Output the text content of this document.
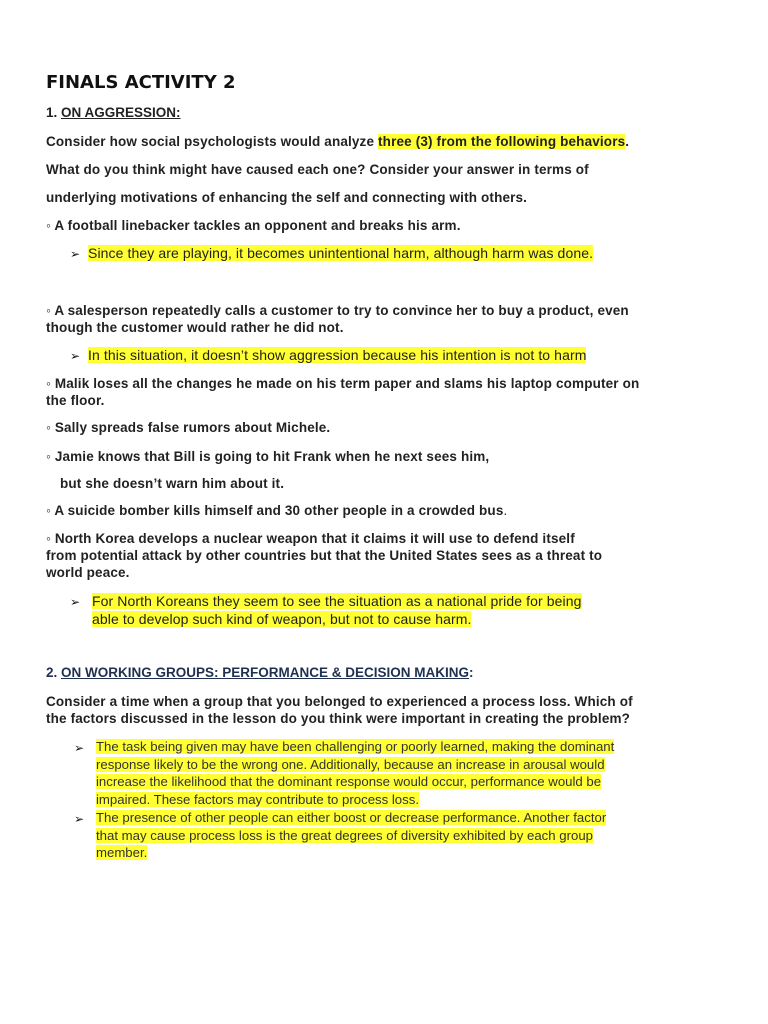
FINALS ACTIVITY 2
1. ON AGGRESSION:
Consider how social psychologists would analyze three (3) from the following behaviors.
What do you think might have caused each one? Consider your answer in terms of
underlying motivations of enhancing the self and connecting with others.
◦ A football linebacker tackles an opponent and breaks his arm.
➢ Since they are playing, it becomes unintentional harm, although harm was done.
◦ A salesperson repeatedly calls a customer to try to convince her to buy a product, even
though the customer would rather he did not.
➢ In this situation, it doesn’t show aggression because his intention is not to harm
◦ Malik loses all the changes he made on his term paper and slams his laptop computer on
the floor.
◦ Sally spreads false rumors about Michele.
◦ Jamie knows that Bill is going to hit Frank when he next sees him,
but she doesn’t warn him about it.
◦ A suicide bomber kills himself and 30 other people in a crowded bus.
◦ North Korea develops a nuclear weapon that it claims it will use to defend itself
from potential attack by other countries but that the United States sees as a threat to
world peace.
➢ For North Koreans they seem to see the situation as a national pride for being
able to develop such kind of weapon, but not to cause harm.
2. ON WORKING GROUPS: PERFORMANCE & DECISION MAKING:
Consider a time when a group that you belonged to experienced a process loss. Which of
the factors discussed in the lesson do you think were important in creating the problem?
➢ The task being given may have been challenging or poorly learned, making the dominant
response likely to be the wrong one. Additionally, because an increase in arousal would
increase the likelihood that the dominant response would occur, performance would be
impaired. These factors may contribute to process loss.
➢ The presence of other people can either boost or decrease performance. Another factor
that may cause process loss is the great degrees of diversity exhibited by each group
member.
